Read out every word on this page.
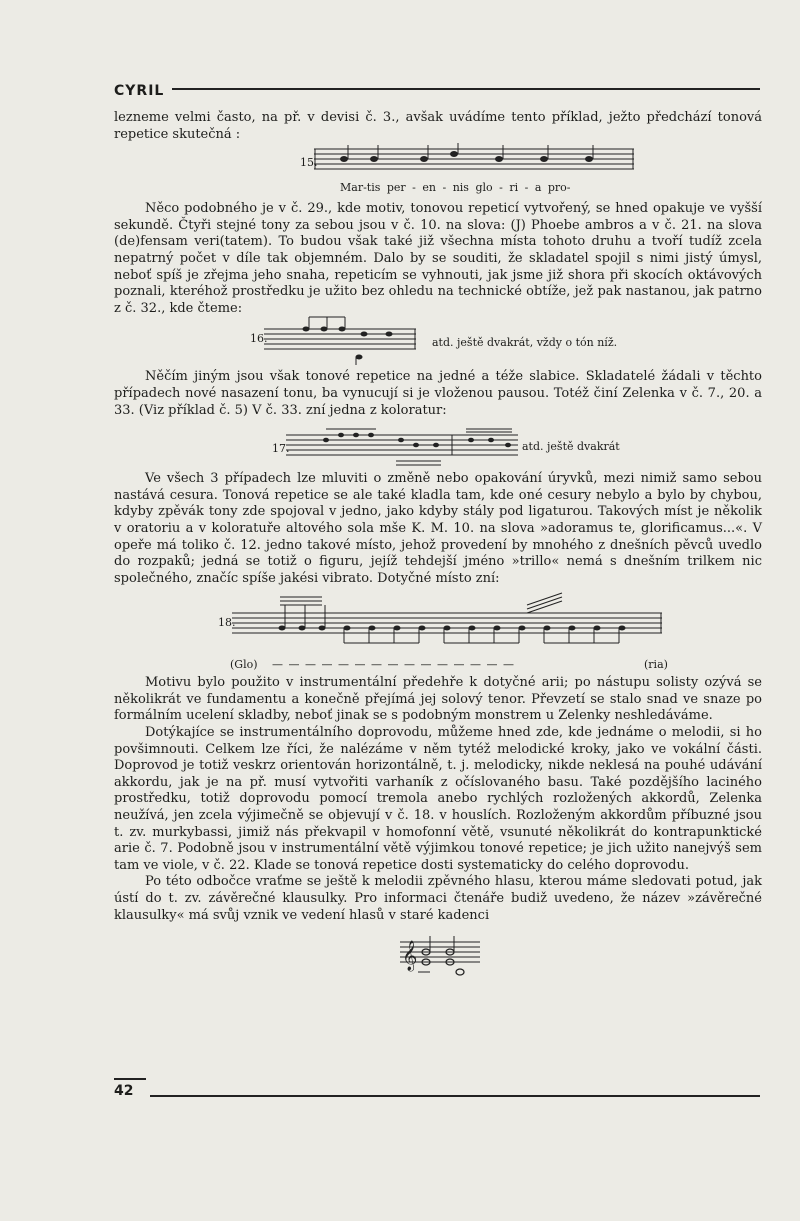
CYRIL

lezneme velmi často, na př. v devisi č. 3., avšak uvádíme tento příklad, ježto předchází tonová repetice skutečná :

15.
Mar-tis per - en - nis glo - ri - a pro-

Něco podobného je v č. 29., kde motiv, tonovou repeticí vytvořený, se hned opakuje ve vyšší sekundě. Čtyři stejné tony za sebou jsou v č. 10. na slova: (J) Phoebe ambros a v č. 21. na slova (de)fensam veri(tatem). To budou však také již všechna místa tohoto druhu a tvoří tudíž zcela nepatrný počet v díle tak objemném. Dalo by se souditi, že skladatel spojil s nimi jistý úmysl, neboť spíš je zřejma jeho snaha, repeticím se vyhnouti, jak jsme již shora při skocích oktávových poznali, kteréhož prostředku je užito bez ohledu na technické obtíže, jež pak nastanou, jak patrno z č. 32., kde čteme:

16.	atd. ještě dvakrát, vždy o tón níž.

Něčím jiným jsou však tonové repetice na jedné a téže slabice. Skladatelé žádali v těchto případech nové nasazení tonu, ba vynucují si je vloženou pausou. Totéž činí Zelenka v č. 7., 20. a 33. (Viz příklad č. 5) V č. 33. zní jedna z koloratur:

17.	atd. ještě dvakrát

Ve všech 3 případech lze mluviti o změně nebo opakování úryvků, mezi nimiž samo sebou nastává cesura. Tonová repetice se ale také kladla tam, kde oné cesury nebylo a bylo by chybou, kdyby zpěvák tony zde spojoval v jedno, jako kdyby stály pod ligaturou. Takových míst je několik v oratoriu a v koloratuře altového sola mše K. M. 10. na slova »adoramus te, glorificamus...«. V opeře má toliko č. 12. jedno takové místo, jehož provedení by mnohého z dnešních pěvců uvedlo do rozpaků; jedná se totiž o figuru, jejíž tehdejší jméno »trillo« nemá s dnešním trilkem nic společného, značíc spíše jakési vibrato. Dotyčné místo zní:

18.
(Glo) — — — — — — — — — — — — — — —	(ria)

Motivu bylo použito v instrumentální předehře k dotyčné arii; po nástupu solisty ozývá se několikrát ve fundamentu a konečně přejímá jej solový tenor. Převzetí se stalo snad ve snaze po formálním ucelení skladby, neboť jinak se s podobným monstrem u Zelenky neshledáváme.

Dotýkajíce se instrumentálního doprovodu, můžeme hned zde, kde jednáme o melodii, si ho povšimnouti. Celkem lze říci, že nalézáme v něm tytéž melodické kroky, jako ve vokální části. Doprovod je totiž veskrz orientován horizontálně, t. j. melodicky, nikde neklesá na pouhé udávání akkordu, jak je na př. musí vytvořiti varhaník z očíslovaného basu. Také pozdějšího laciného prostředku, totiž doprovodu pomocí tremola anebo rychlých rozložených akkordů, Zelenka neužívá, jen zcela výjimečně se objevují v č. 18. v houslích. Rozloženým akkordům příbuzné jsou t. zv. murkybassi, jimiž nás překvapil v homofonní větě, vsunuté několikrát do kontrapunktické arie č. 7. Podobně jsou v instrumentální větě výjimkou tonové repetice; je jich užito nanejvýš sem tam ve viole, v č. 22. Klade se tonová repetice dosti systematicky do celého doprovodu.

Po této odbočce vraťme se ještě k melodii zpěvného hlasu, kterou máme sledovati potud, jak ústí do t. zv. závěrečné klausulky. Pro informaci čtenáře budiž uvedeno, že název »závěrečné klausulky« má svůj vznik ve vedení hlasů v staré kadenci

𝄞
42
